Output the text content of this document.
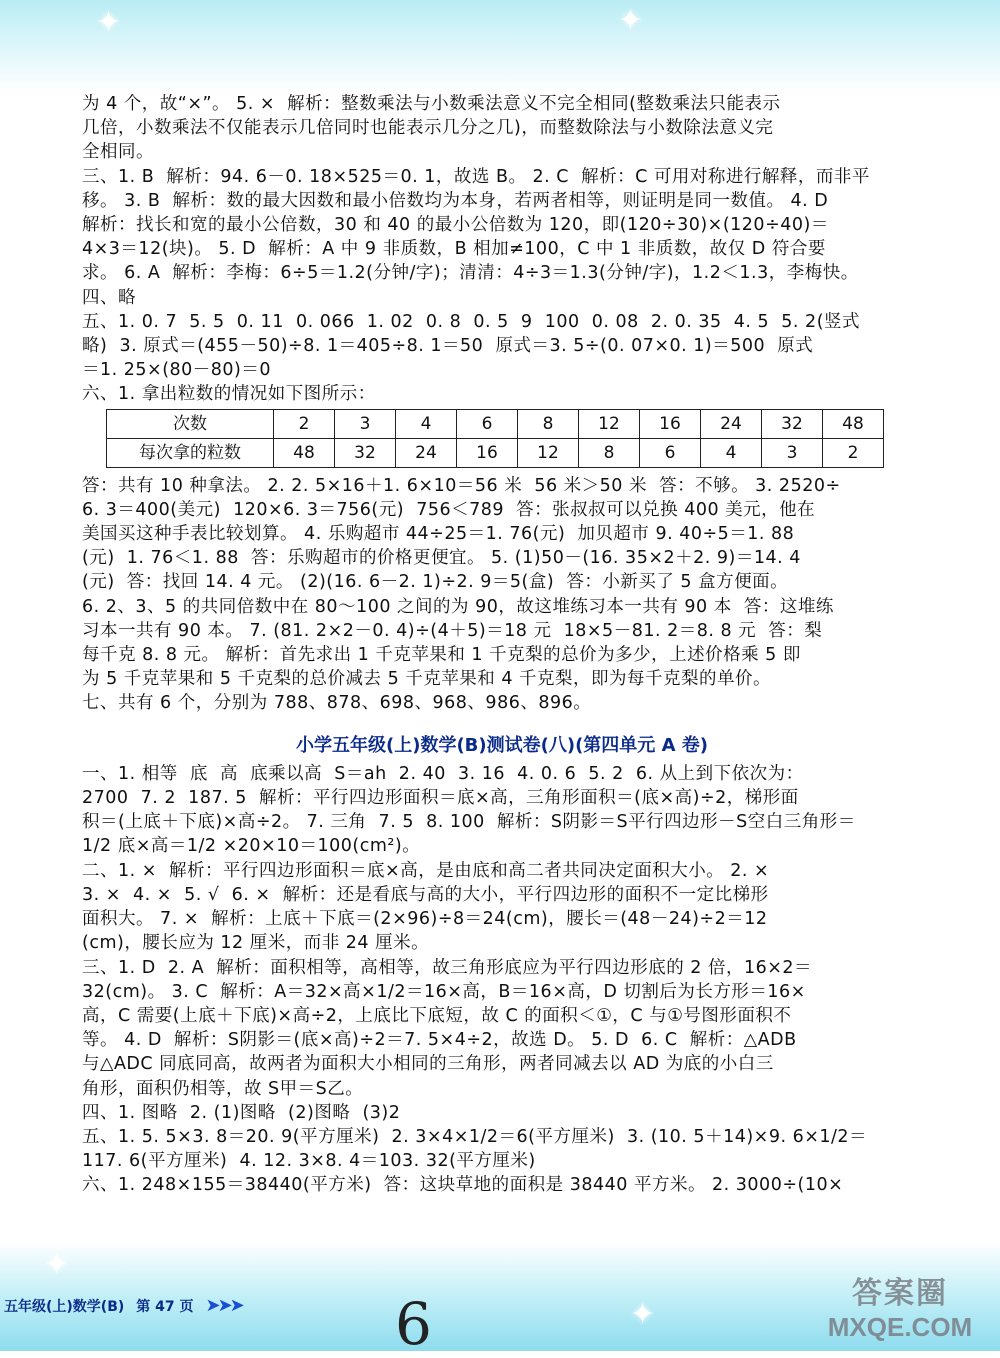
✦	✦
✦
✦
为 4 个，故“×”。 5. ×  解析：整数乘法与小数乘法意义不完全相同(整数乘法只能表示
几倍，小数乘法不仅能表示几倍同时也能表示几分之几)，而整数除法与小数除法意义完
全相同。
三、1. B  解析：94. 6－0. 18×525＝0. 1，故选 B。 2. C  解析：C 可用对称进行解释，而非平
移。 3. B  解析：数的最大因数和最小倍数均为本身，若两者相等，则证明是同一数值。 4. D
解析：找长和宽的最小公倍数，30 和 40 的最小公倍数为 120，即(120÷30)×(120÷40)＝
4×3＝12(块)。 5. D  解析：A 中 9 非质数，B 相加≠100，C 中 1 非质数，故仅 D 符合要
求。 6. A  解析：李梅：6÷5＝1.2(分钟/字)；清清：4÷3＝1.3(分钟/字)，1.2＜1.3，李梅快。
四、略
五、1. 0. 7  5. 5  0. 11  0. 066  1. 02  0. 8  0. 5  9  100  0. 08  2. 0. 35  4. 5  5. 2(竖式
略)  3. 原式＝(455－50)÷8. 1＝405÷8. 1＝50  原式＝3. 5÷(0. 07×0. 1)＝500  原式
＝1. 25×(80－80)＝0
六、1. 拿出粒数的情况如下图所示：
次数	2	3	4	6	8	12	16	24	32	48
每次拿的粒数	48	32	24	16	12	8	6	4	3	2
答：共有 10 种拿法。 2. 2. 5×16＋1. 6×10＝56 米  56 米＞50 米  答：不够。 3. 2520÷
6. 3＝400(美元)  120×6. 3＝756(元)  756＜789  答：张叔叔可以兑换 400 美元，他在
美国买这种手表比较划算。 4. 乐购超市 44÷25＝1. 76(元)  加贝超市 9. 40÷5＝1. 88
(元)  1. 76＜1. 88  答：乐购超市的价格更便宜。 5. (1)50－(16. 35×2＋2. 9)＝14. 4
(元)  答：找回 14. 4 元。 (2)(16. 6－2. 1)÷2. 9＝5(盒)  答：小新买了 5 盒方便面。
6. 2、3、5 的共同倍数中在 80～100 之间的为 90，故这堆练习本一共有 90 本  答：这堆练
习本一共有 90 本。 7. (81. 2×2－0. 4)÷(4＋5)＝18 元  18×5－81. 2＝8. 8 元  答：梨
每千克 8. 8 元。 解析：首先求出 1 千克苹果和 1 千克梨的总价为多少，上述价格乘 5 即
为 5 千克苹果和 5 千克梨的总价减去 5 千克苹果和 4 千克梨，即为每千克梨的单价。
七、共有 6 个，分别为 788、878、698、968、986、896。
小学五年级(上)数学(B)测试卷(八)(第四单元 A 卷)
一、1. 相等  底  高  底乘以高  S＝ah  2. 40  3. 16  4. 0. 6  5. 2  6. 从上到下依次为：
2700  7. 2  187. 5  解析：平行四边形面积＝底×高，三角形面积＝(底×高)÷2，梯形面
积＝(上底＋下底)×高÷2。 7. 三角  7. 5  8. 100  解析：S阴影＝S平行四边形－S空白三角形＝
1/2 底×高＝1/2 ×20×10＝100(cm²)。
二、1. ×  解析：平行四边形面积＝底×高，是由底和高二者共同决定面积大小。 2. ×
3. ×  4. ×  5. √  6. ×  解析：还是看底与高的大小，平行四边形的面积不一定比梯形
面积大。 7. ×  解析：上底＋下底＝(2×96)÷8＝24(cm)，腰长＝(48－24)÷2＝12
(cm)，腰长应为 12 厘米，而非 24 厘米。
三、1. D  2. A  解析：面积相等，高相等，故三角形底应为平行四边形底的 2 倍，16×2＝
32(cm)。 3. C  解析：A＝32×高×1/2＝16×高，B＝16×高，D 切割后为长方形＝16×
高，C 需要(上底＋下底)×高÷2，上底比下底短，故 C 的面积＜①，C 与①号图形面积不
等。 4. D  解析：S阴影＝(底×高)÷2＝7. 5×4÷2，故选 D。 5. D  6. C  解析：△ADB
与△ADC 同底同高，故两者为面积大小相同的三角形，两者同减去以 AD 为底的小白三
角形，面积仍相等，故 S甲＝S乙。
四、1. 图略  2. (1)图略  (2)图略  (3)2
五、1. 5. 5×3. 8＝20. 9(平方厘米)  2. 3×4×1/2＝6(平方厘米)  3. (10. 5＋14)×9. 6×1/2＝
117. 6(平方厘米)  4. 12. 3×8. 4＝103. 32(平方厘米)
六、1. 248×155＝38440(平方米)  答：这块草地的面积是 38440 平方米。 2. 3000÷(10×
五年级(上)数学(B) 第 47 页 ➤➤➤	6	答案圈
MXQE.COM
